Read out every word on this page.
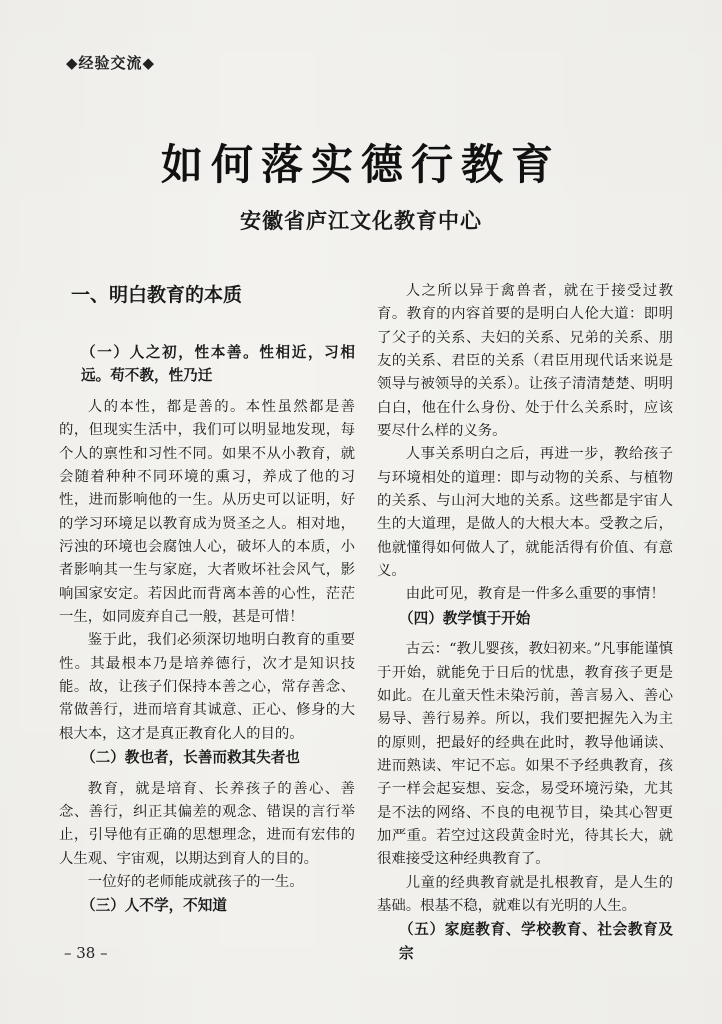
◆经验交流◆
如何落实德行教育
安徽省庐江文化教育中心
一、明白教育的本质

（一）人之初，性本善。性相近，习相远。苟不教，性乃迁

人的本性，都是善的。本性虽然都是善的，但现实生活中，我们可以明显地发现，每个人的禀性和习性不同。如果不从小教育，就会随着种种不同环境的熏习，养成了他的习性，进而影响他的一生。从历史可以证明，好的学习环境足以教育成为贤圣之人。相对地，污浊的环境也会腐蚀人心，破坏人的本质，小者影响其一生与家庭，大者败坏社会风气，影响国家安定。若因此而背离本善的心性，茫茫一生，如同废弃自己一般，甚是可惜！

鉴于此，我们必须深切地明白教育的重要性。其最根本乃是培养德行，次才是知识技能。故，让孩子们保持本善之心，常存善念、常做善行，进而培育其诚意、正心、修身的大根大本，这才是真正教育化人的目的。

（二）教也者，长善而救其失者也

教育，就是培育、长养孩子的善心、善念、善行，纠正其偏差的观念、错误的言行举止，引导他有正确的思想理念，进而有宏伟的人生观、宇宙观，以期达到育人的目的。

一位好的老师能成就孩子的一生。

（三）人不学，不知道

人之所以异于禽兽者，就在于接受过教育。教育的内容首要的是明白人伦大道：即明了父子的关系、夫妇的关系、兄弟的关系、朋友的关系、君臣的关系（君臣用现代话来说是领导与被领导的关系）。让孩子清清楚楚、明明白白，他在什么身份、处于什么关系时，应该要尽什么样的义务。

人事关系明白之后，再进一步，教给孩子与环境相处的道理：即与动物的关系、与植物的关系、与山河大地的关系。这些都是宇宙人生的大道理，是做人的大根大本。受教之后，他就懂得如何做人了，就能活得有价值、有意义。

由此可见，教育是一件多么重要的事情！

（四）教学慎于开始

古云：“教儿婴孩，教妇初来。”凡事能谨慎于开始，就能免于日后的忧患，教育孩子更是如此。在儿童天性未染污前，善言易入、善心易导、善行易养。所以，我们要把握先入为主的原则，把最好的经典在此时，教导他诵读、进而熟读、牢记不忘。如果不予经典教育，孩子一样会起妄想、妄念，易受环境污染，尤其是不法的网络、不良的电视节目，染其心智更加严重。若空过这段黄金时光，待其长大，就很难接受这种经典教育了。

儿童的经典教育就是扎根教育，是人生的基础。根基不稳，就难以有光明的人生。

（五）家庭教育、学校教育、社会教育及宗

– 38 –
